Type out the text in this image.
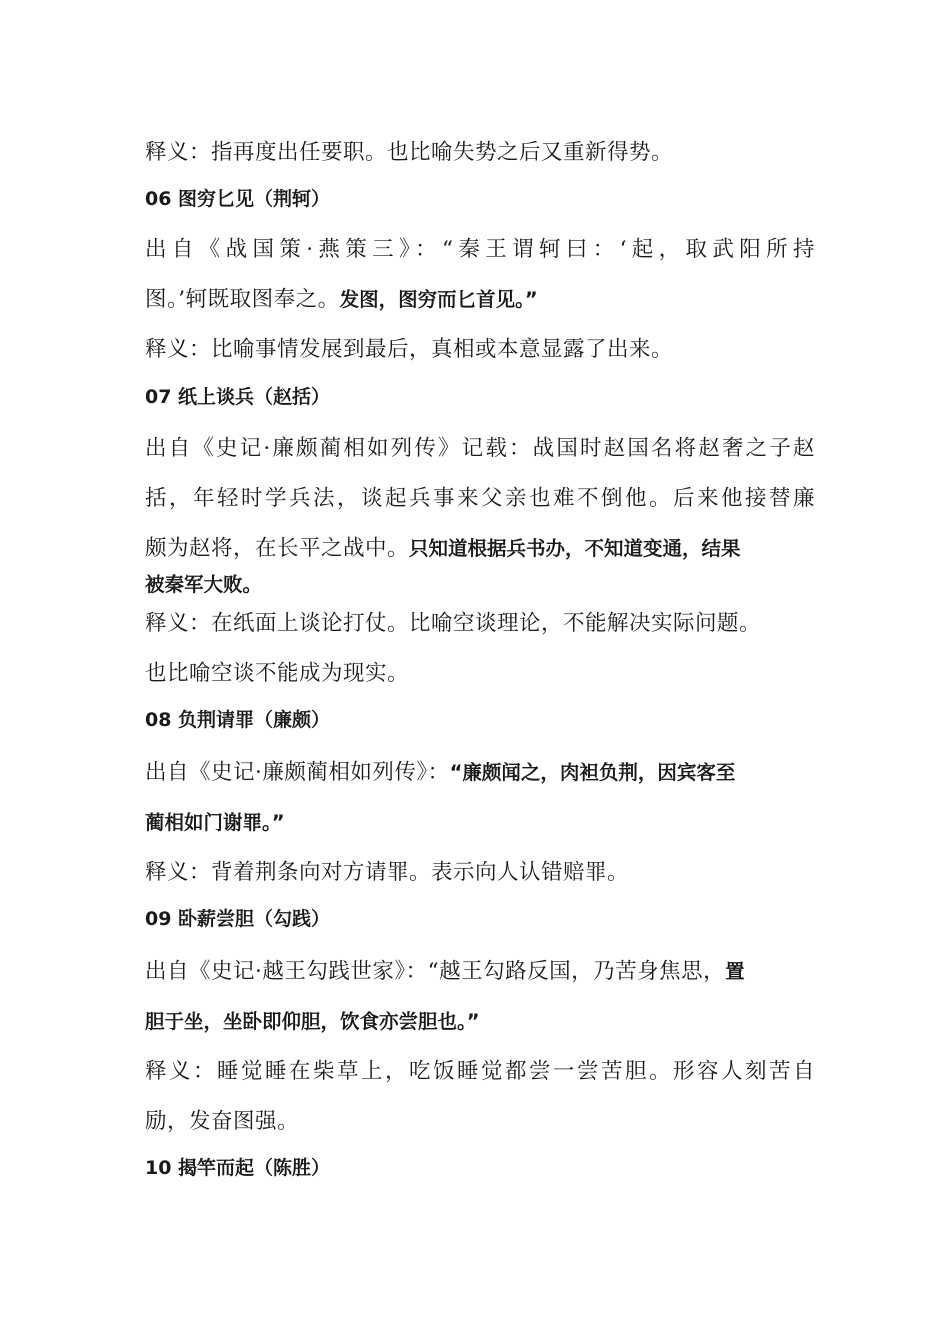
释义：指再度出任要职。也比喻失势之后又重新得势。
06 图穷匕见（荆轲）
出自《战国策·燕策三》：“秦王谓轲曰：‘起，取武阳所持
图。’轲既取图奉之。发图，图穷而匕首见。”
释义：比喻事情发展到最后，真相或本意显露了出来。
07 纸上谈兵（赵括）
出自《史记·廉颇蔺相如列传》记载：战国时赵国名将赵奢之子赵
括，年轻时学兵法，谈起兵事来父亲也难不倒他。后来他接替廉
颇为赵将，在长平之战中。只知道根据兵书办，不知道变通，结果
被秦军大败。
释义：在纸面上谈论打仗。比喻空谈理论，不能解决实际问题。
也比喻空谈不能成为现实。
08 负荆请罪（廉颇）
出自《史记·廉颇蔺相如列传》：“廉颇闻之，肉袒负荆，因宾客至
蔺相如门谢罪。”
释义：背着荆条向对方请罪。表示向人认错赔罪。
09 卧薪尝胆（勾践）
出自《史记·越王勾践世家》：“越王勾路反国，乃苦身焦思，置
胆于坐，坐卧即仰胆，饮食亦尝胆也。”
释义：睡觉睡在柴草上，吃饭睡觉都尝一尝苦胆。形容人刻苦自
励，发奋图强。
10 揭竿而起（陈胜）
